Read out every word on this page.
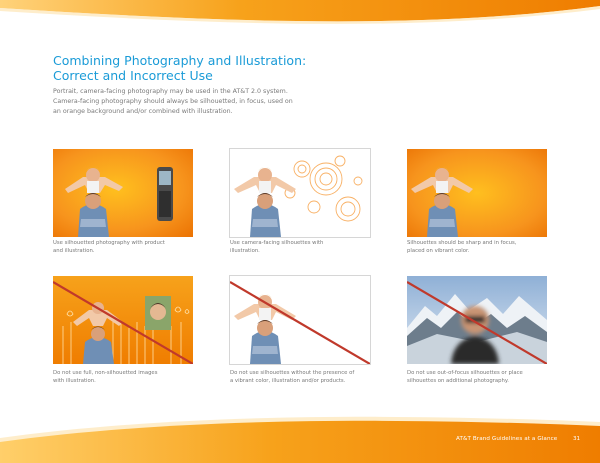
Combining Photography and Illustration:
Correct and Incorrect Use
Portrait, camera-facing photography may be used in the AT&T 2.0 system.
Camera-facing photography should always be silhouetted, in focus, used on
an orange background and/or combined with illustration.
Use silhouetted photography with product
and illustration.
Use camera-facing silhouettes with
illustration.
Silhouettes should be sharp and in focus,
placed on vibrant color.
Do not use full, non-silhouetted images
with illustration.
Do not use silhouettes without the presence of
a vibrant color, illustration and/or products.
Do not use out-of-focus silhouettes or place
silhouettes on additional photography.
AT&T Brand Guidelines at a Glance	31
